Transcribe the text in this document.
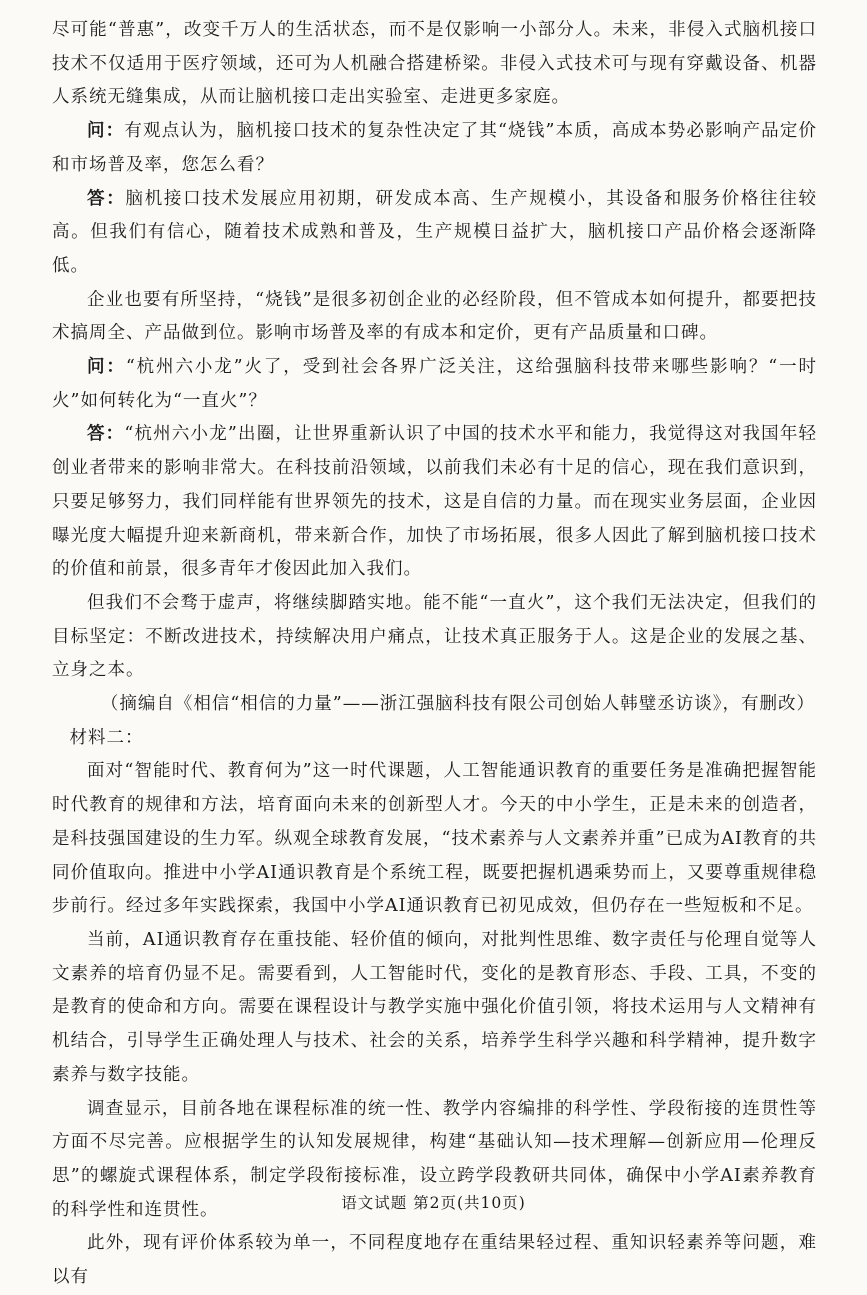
尽可能“普惠”，改变千万人的生活状态，而不是仅影响一小部分人。未来，非侵入式脑机接口技术不仅适用于医疗领域，还可为人机融合搭建桥梁。非侵入式技术可与现有穿戴设备、机器人系统无缝集成，从而让脑机接口走出实验室、走进更多家庭。

问：有观点认为，脑机接口技术的复杂性决定了其“烧钱”本质，高成本势必影响产品定价和市场普及率，您怎么看？

答：脑机接口技术发展应用初期，研发成本高、生产规模小，其设备和服务价格往往较高。但我们有信心，随着技术成熟和普及，生产规模日益扩大，脑机接口产品价格会逐渐降低。

企业也要有所坚持，“烧钱”是很多初创企业的必经阶段，但不管成本如何提升，都要把技术搞周全、产品做到位。影响市场普及率的有成本和定价，更有产品质量和口碑。

问：“杭州六小龙”火了，受到社会各界广泛关注，这给强脑科技带来哪些影响？“一时火”如何转化为“一直火”？

答：“杭州六小龙”出圈，让世界重新认识了中国的技术水平和能力，我觉得这对我国年轻创业者带来的影响非常大。在科技前沿领域，以前我们未必有十足的信心，现在我们意识到，只要足够努力，我们同样能有世界领先的技术，这是自信的力量。而在现实业务层面，企业因曝光度大幅提升迎来新商机，带来新合作，加快了市场拓展，很多人因此了解到脑机接口技术的价值和前景，很多青年才俊因此加入我们。

但我们不会骛于虚声，将继续脚踏实地。能不能“一直火”，这个我们无法决定，但我们的目标坚定：不断改进技术，持续解决用户痛点，让技术真正服务于人。这是企业的发展之基、立身之本。

（摘编自《相信“相信的力量”——浙江强脑科技有限公司创始人韩璧丞访谈》，有删改）

材料二：

面对“智能时代、教育何为”这一时代课题，人工智能通识教育的重要任务是准确把握智能时代教育的规律和方法，培育面向未来的创新型人才。今天的中小学生，正是未来的创造者，是科技强国建设的生力军。纵观全球教育发展，“技术素养与人文素养并重”已成为AI教育的共同价值取向。推进中小学AI通识教育是个系统工程，既要把握机遇乘势而上，又要尊重规律稳步前行。经过多年实践探索，我国中小学AI通识教育已初见成效，但仍存在一些短板和不足。

当前，AI通识教育存在重技能、轻价值的倾向，对批判性思维、数字责任与伦理自觉等人文素养的培育仍显不足。需要看到，人工智能时代，变化的是教育形态、手段、工具，不变的是教育的使命和方向。需要在课程设计与教学实施中强化价值引领，将技术运用与人文精神有机结合，引导学生正确处理人与技术、社会的关系，培养学生科学兴趣和科学精神，提升数字素养与数字技能。

调查显示，目前各地在课程标准的统一性、教学内容编排的科学性、学段衔接的连贯性等方面不尽完善。应根据学生的认知发展规律，构建“基础认知—技术理解—创新应用—伦理反思”的螺旋式课程体系，制定学段衔接标准，设立跨学段教研共同体，确保中小学AI素养教育的科学性和连贯性。

此外，现有评价体系较为单一，不同程度地存在重结果轻过程、重知识轻素养等问题，难以有

语文试题 第2页(共10页)
